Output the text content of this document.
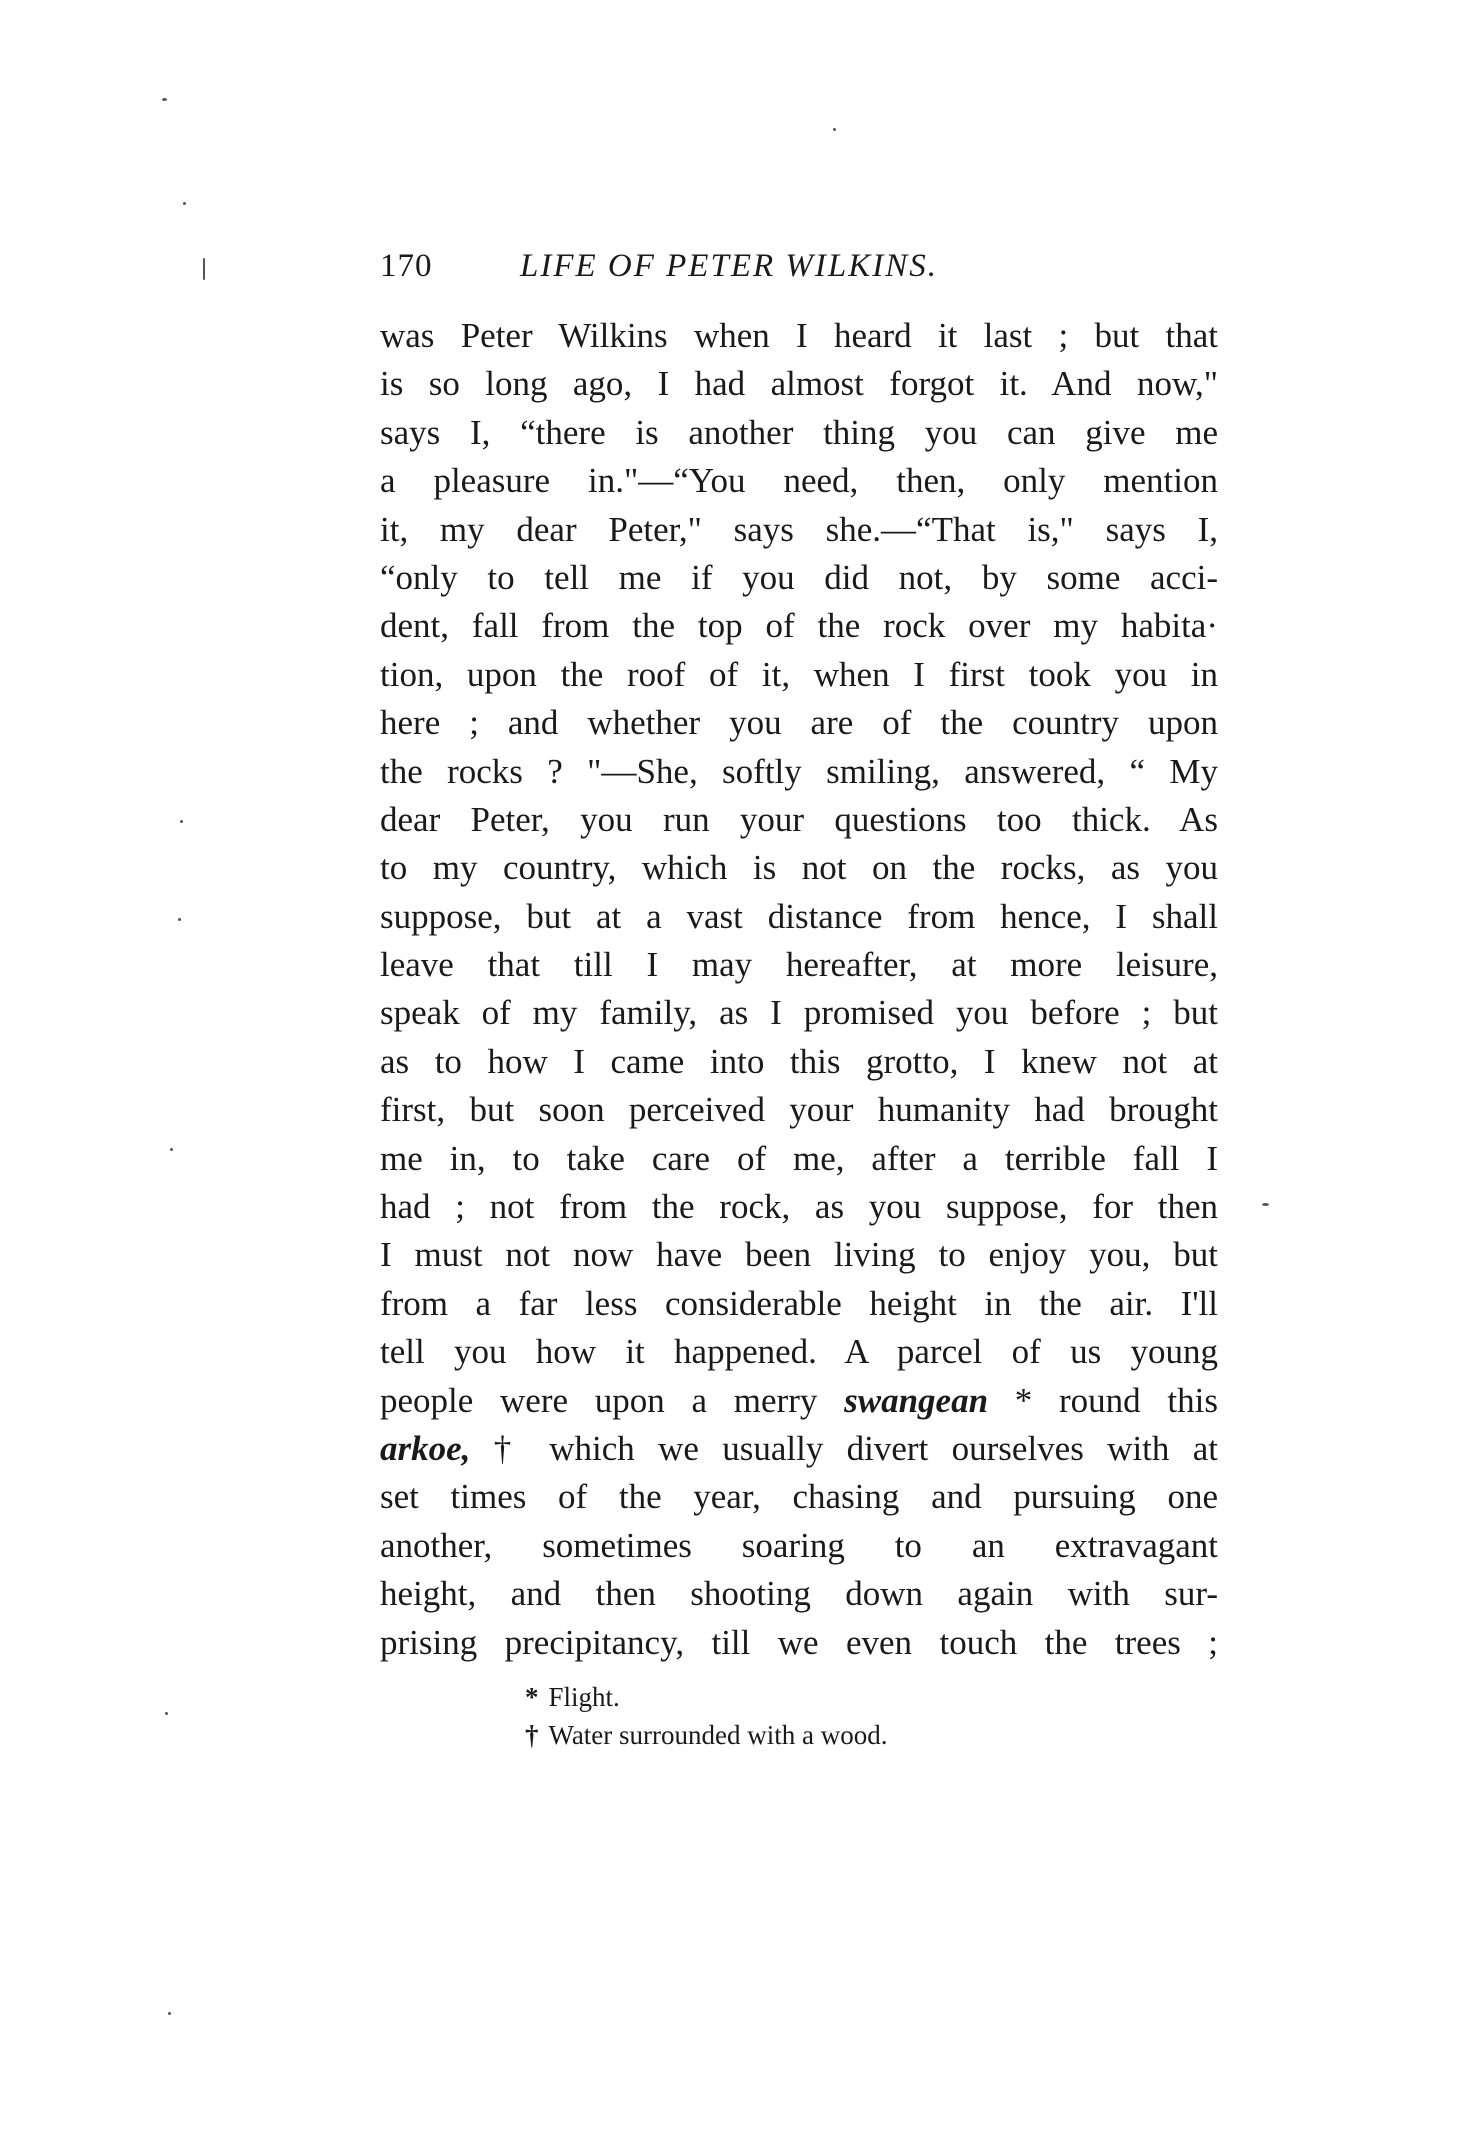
170	LIFE OF PETER WILKINS.
was Peter Wilkins when I heard it last ; but that
is so long ago, I had almost forgot it. And now,"
says I, “there is another thing you can give me
a pleasure in."—“You need, then, only mention
it, my dear Peter," says she.—“That is," says I,
“only to tell me if you did not, by some acci-
dent, fall from the top of the rock over my habita·
tion, upon the roof of it, when I first took you in
here ; and whether you are of the country upon
the rocks ? "—She, softly smiling, answered, “ My
dear Peter, you run your questions too thick. As
to my country, which is not on the rocks, as you
suppose, but at a vast distance from hence, I shall
leave that till I may hereafter, at more leisure,
speak of my family, as I promised you before ; but
as to how I came into this grotto, I knew not at
first, but soon perceived your humanity had brought
me in, to take care of me, after a terrible fall I
had ; not from the rock, as you suppose, for then
I must not now have been living to enjoy you, but
from a far less considerable height in the air. I'll
tell you how it happened. A parcel of us young
people were upon a merry swangean * round this
arkoe, † which we usually divert ourselves with at
set times of the year, chasing and pursuing one
another, sometimes soaring to an extravagant
height, and then shooting down again with sur-
prising precipitancy, till we even touch the trees ;
* Flight.
† Water surrounded with a wood.
